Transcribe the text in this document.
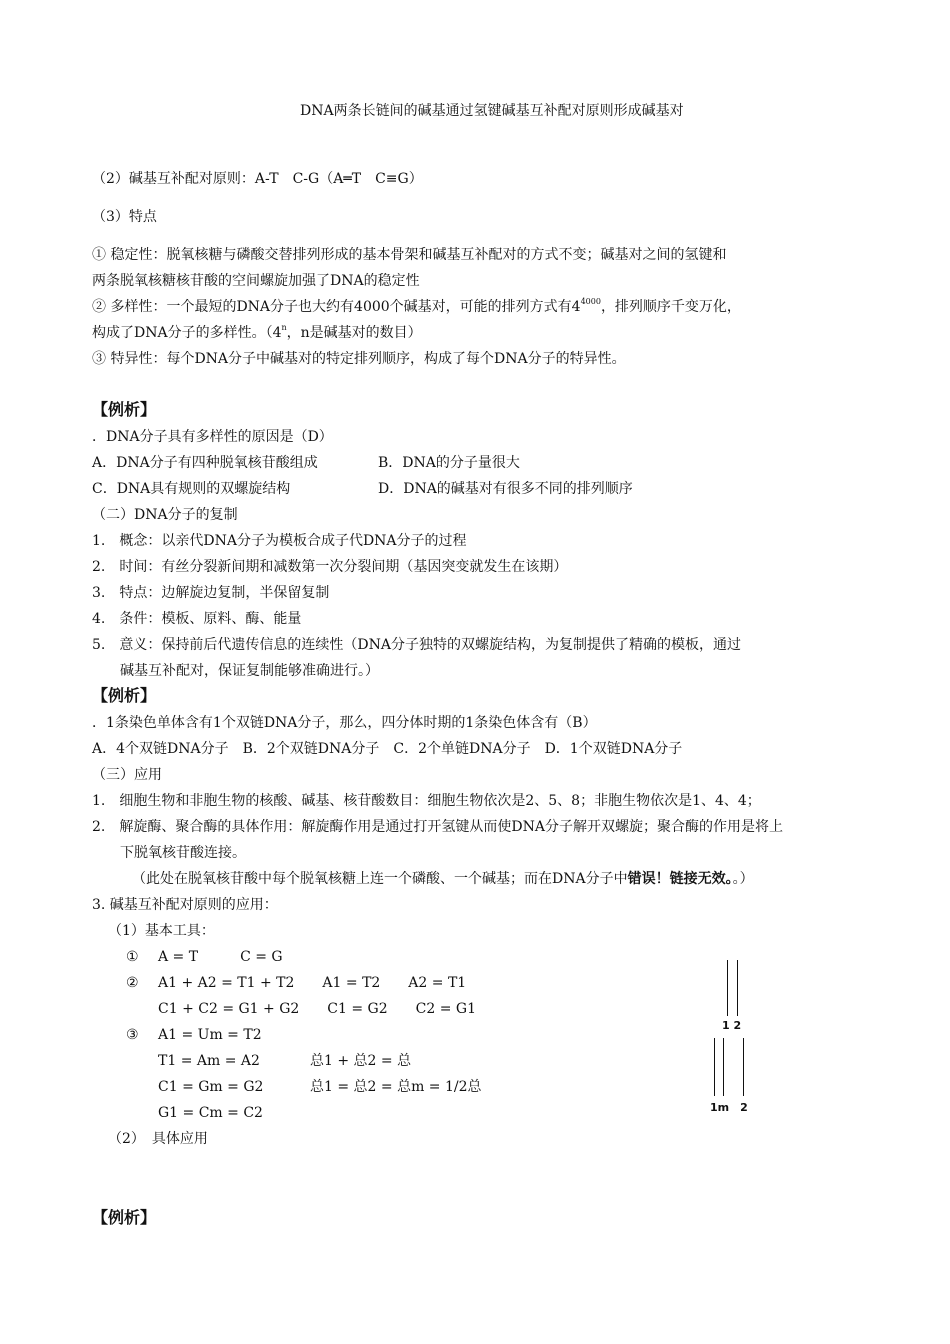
DNA两条长链间的碱基通过氢键碱基互补配对原则形成碱基对
（2）碱基互补配对原则：A-T　C-G（A═T　C≡G）
（3）特点
① 稳定性：脱氧核糖与磷酸交替排列形成的基本骨架和碱基互补配对的方式不变；碱基对之间的氢键和
两条脱氧核糖核苷酸的空间螺旋加强了DNA的稳定性
② 多样性：一个最短的DNA分子也大约有4000个碱基对，可能的排列方式有$4^{4000}$，排列顺序千变万化，
构成了DNA分子的多样性。（4$^n$，n是碱基对的数目）
③ 特异性：每个DNA分子中碱基对的特定排列顺序，构成了每个DNA分子的特异性。
【例析】
．DNA分子具有多样性的原因是（D）
A．DNA分子有四种脱氧核苷酸组成	B．DNA的分子量很大
C．DNA具有规则的双螺旋结构	D．DNA的碱基对有很多不同的排列顺序
（二）DNA分子的复制
1.　概念：以亲代DNA分子为模板合成子代DNA分子的过程
2.　时间：有丝分裂新间期和减数第一次分裂间期（基因突变就发生在该期）
3.　特点：边解旋边复制，半保留复制
4.　条件：模板、原料、酶、能量
5.　意义：保持前后代遗传信息的连续性（DNA分子独特的双螺旋结构，为复制提供了精确的模板，通过
碱基互补配对，保证复制能够准确进行。）
【例析】
．1条染色单体含有1个双链DNA分子，那么，四分体时期的1条染色体含有（B）
A．4个双链DNA分子　B．2个双链DNA分子　C．2个单链DNA分子　D．1个双链DNA分子
（三）应用
1.　细胞生物和非胞生物的核酸、碱基、核苷酸数目：细胞生物依次是2、5、8；非胞生物依次是1、4、4；
2.　解旋酶、聚合酶的具体作用：解旋酶作用是通过打开氢键从而使DNA分子解开双螺旋；聚合酶的作用是将上
下脱氧核苷酸连接。
（此处在脱氧核苷酸中每个脱氧核糖上连一个磷酸、一个碱基；而在DNA分子中错误！链接无效。。）
3. 碱基互补配对原则的应用：
（1）基本工具：
① A = T　　　C = G
② A1 + A2 = T1 + T2　　A1 = T2　　A2 = T1
C1 + C2 = G1 + G2　　C1 = G2　　C2 = G1
③ A1 = Um = T2
T1 = Am = A2	总1 + 总2 = 总
C1 = Gm = G2	总1 = 总2 = 总m = 1/2总
G1 = Cm = C2
（2）　具体应用
1 2
1m　2
【例析】
